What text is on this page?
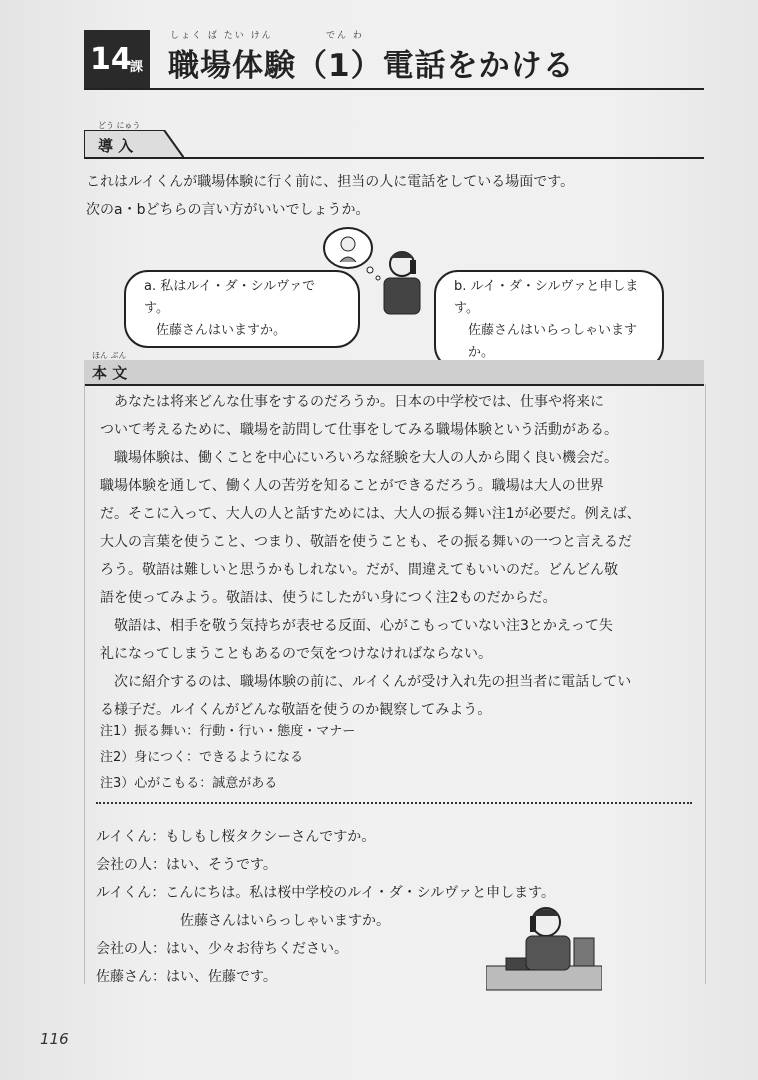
14
課
しょく ば たい けん           でん わ
職場体験（1）電話をかける
どう にゅう
導 入
これはルイくんが職場体験に行く前に、担当の人に電話をしている場面です。
次のa・bどちらの言い方がいいでしょうか。
a. 私はルイ・ダ・シルヴァです。
佐藤さんはいますか。
b. ルイ・ダ・シルヴァと申します。
佐藤さんはいらっしゃいますか。
ほん ぶん
本 文
あなたは将来どんな仕事をするのだろうか。日本の中学校では、仕事や将来に
ついて考えるために、職場を訪問して仕事をしてみる職場体験という活動がある。
職場体験は、働くことを中心にいろいろな経験を大人の人から聞く良い機会だ。
職場体験を通して、働く人の苦労を知ることができるだろう。職場は大人の世界
だ。そこに入って、大人の人と話すためには、大人の振る舞い注1が必要だ。例えば、
大人の言葉を使うこと、つまり、敬語を使うことも、その振る舞いの一つと言えるだ
ろう。敬語は難しいと思うかもしれない。だが、間違えてもいいのだ。どんどん敬
語を使ってみよう。敬語は、使うにしたがい身につく注2ものだからだ。
敬語は、相手を敬う気持ちが表せる反面、心がこもっていない注3とかえって失
礼になってしまうこともあるので気をつけなければならない。
次に紹介するのは、職場体験の前に、ルイくんが受け入れ先の担当者に電話してい
る様子だ。ルイくんがどんな敬語を使うのか観察してみよう。
注1）振る舞い：行動・行い・態度・マナー
注2）身につく：できるようになる
注3）心がこもる：誠意がある
ルイくん：もしもし桜タクシーさんですか。
会社の人：はい、そうです。
ルイくん：こんにちは。私は桜中学校のルイ・ダ・シルヴァと申します。
佐藤さんはいらっしゃいますか。
会社の人：はい、少々お待ちください。
佐藤さん：はい、佐藤です。
116
